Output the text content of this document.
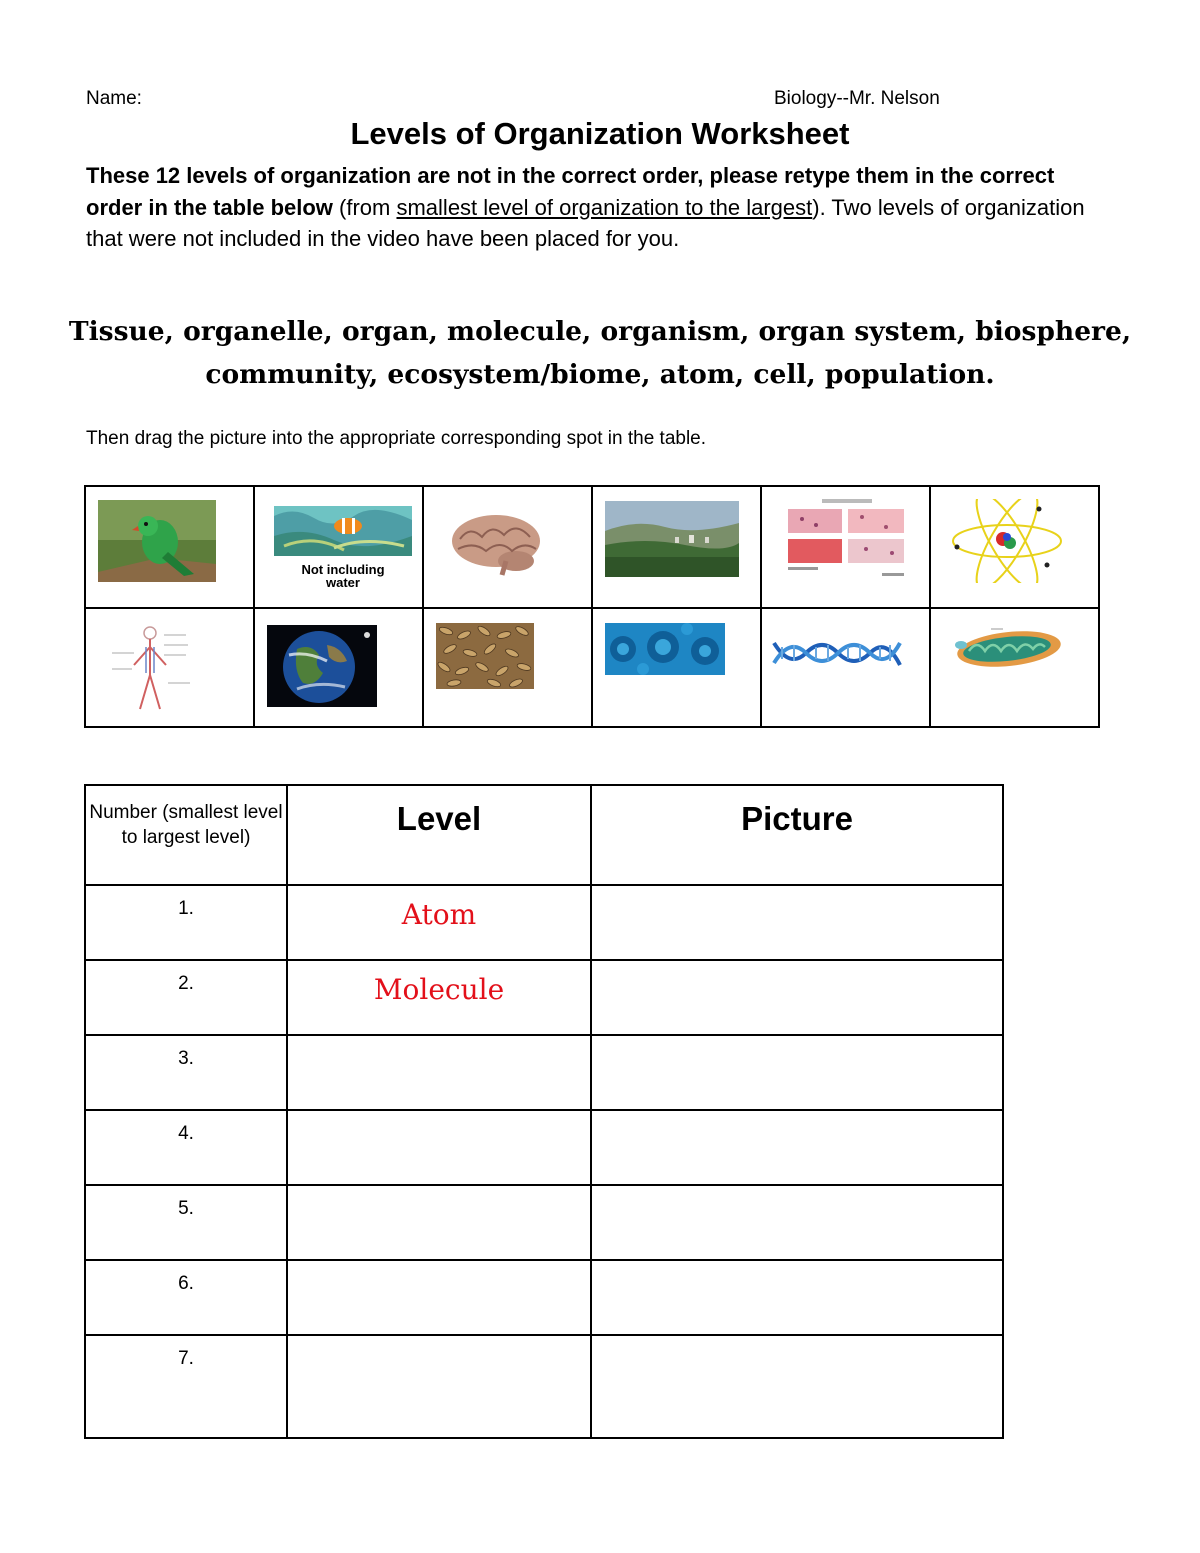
Name:	Biology--Mr. Nelson
Levels of Organization Worksheet
These 12 levels of organization are not in the correct order, please retype them in the correct order in the table below (from smallest level of organization to the largest). Two levels of organization that were not included in the video have been placed for you.
Tissue, organelle, organ, molecule, organism, organ system, biosphere,
community, ecosystem/biome, atom, cell, population.
Then drag the picture into the appropriate corresponding spot in the table.

Not including
water

Number (smallest level to largest level)	Level	Picture

1.	Atom	

2.	Molecule	

3.		

4.		

5.		

6.		

7.		
